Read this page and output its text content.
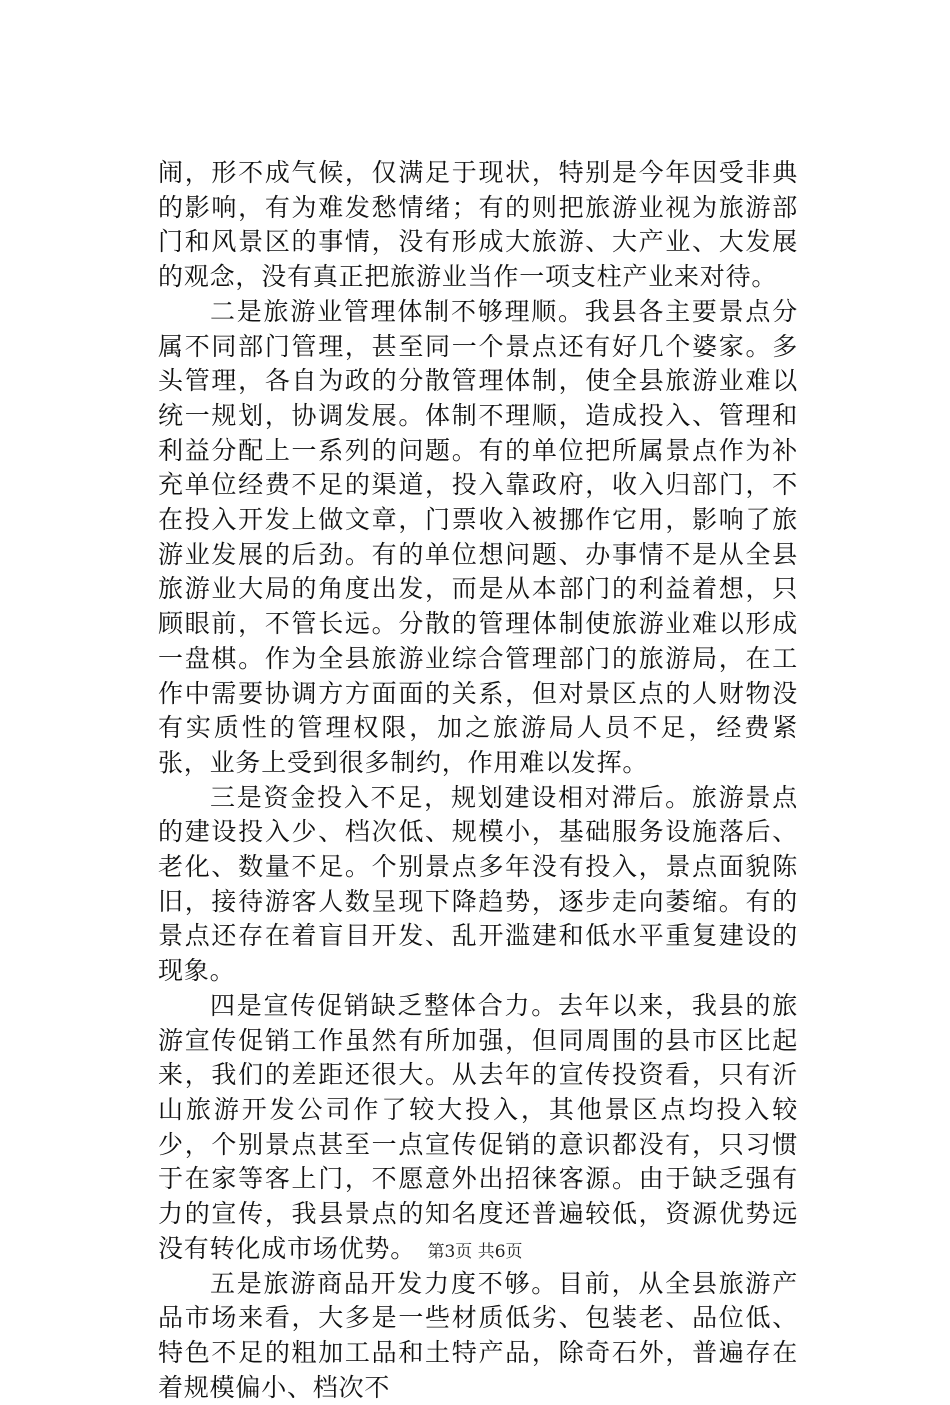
闹，形不成气候，仅满足于现状，特别是今年因受非典的影响，有为难发愁情绪；有的则把旅游业视为旅游部门和风景区的事情，没有形成大旅游、大产业、大发展的观念，没有真正把旅游业当作一项支柱产业来对待。

二是旅游业管理体制不够理顺。我县各主要景点分属不同部门管理，甚至同一个景点还有好几个婆家。多头管理，各自为政的分散管理体制，使全县旅游业难以统一规划，协调发展。体制不理顺，造成投入、管理和利益分配上一系列的问题。有的单位把所属景点作为补充单位经费不足的渠道，投入靠政府，收入归部门，不在投入开发上做文章，门票收入被挪作它用，影响了旅游业发展的后劲。有的单位想问题、办事情不是从全县旅游业大局的角度出发，而是从本部门的利益着想，只顾眼前，不管长远。分散的管理体制使旅游业难以形成一盘棋。作为全县旅游业综合管理部门的旅游局，在工作中需要协调方方面面的关系，但对景区点的人财物没有实质性的管理权限，加之旅游局人员不足，经费紧张，业务上受到很多制约，作用难以发挥。

三是资金投入不足，规划建设相对滞后。旅游景点的建设投入少、档次低、规模小，基础服务设施落后、老化、数量不足。个别景点多年没有投入，景点面貌陈旧，接待游客人数呈现下降趋势，逐步走向萎缩。有的景点还存在着盲目开发、乱开滥建和低水平重复建设的现象。

四是宣传促销缺乏整体合力。去年以来，我县的旅游宣传促销工作虽然有所加强，但同周围的县市区比起来，我们的差距还很大。从去年的宣传投资看，只有沂山旅游开发公司作了较大投入，其他景区点均投入较少，个别景点甚至一点宣传促销的意识都没有，只习惯于在家等客上门，不愿意外出招徕客源。由于缺乏强有力的宣传，我县景点的知名度还普遍较低，资源优势远没有转化成市场优势。

五是旅游商品开发力度不够。目前，从全县旅游产品市场来看，大多是一些材质低劣、包装老、品位低、特色不足的粗加工品和土特产品，除奇石外，普遍存在着规模偏小、档次不

第3页 共6页
